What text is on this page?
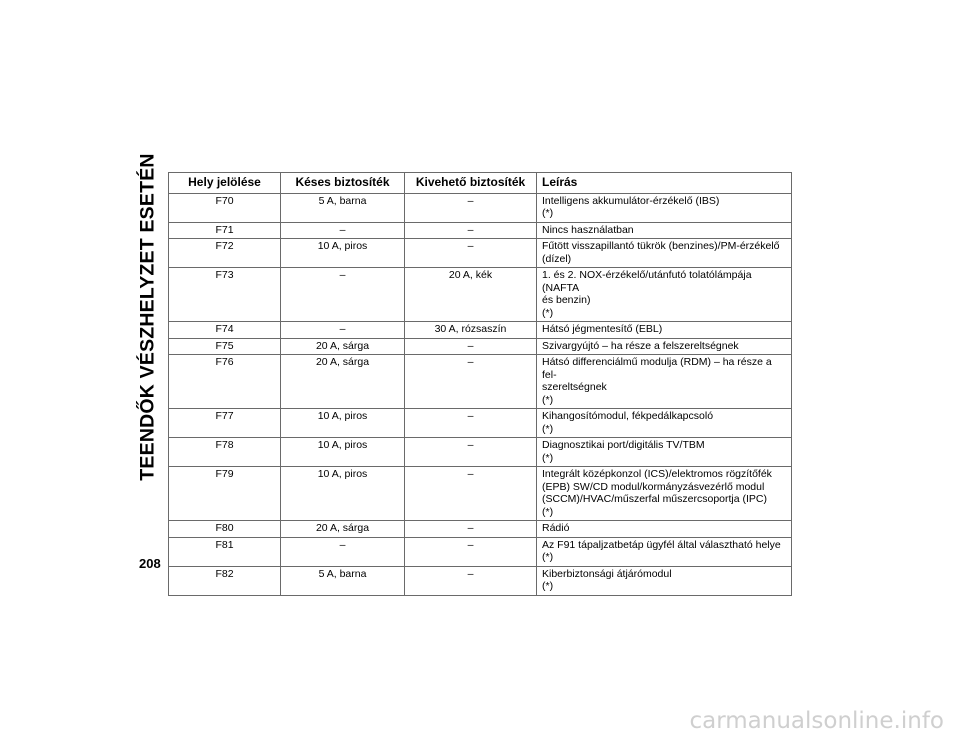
TEENDŐK VÉSZHELYZET ESETÉN Hely jelölése	Késes biztosíték	Kivehető biztosíték	Leírás
F70	5 A, barna	–	Intelligens akkumulátor-érzékelő (IBS)
(*)
F71	–	–	Nincs használatban
F72	10 A, piros	–	Fűtött visszapillantó tükrök (benzines)/PM-érzékelő
(dízel)
F73	–	20 A, kék	1. és 2. NOX-érzékelő/utánfutó tolatólámpája (NAFTA
és benzin)
(*)
F74	–	30 A, rózsaszín	Hátsó jégmentesítő (EBL)
F75	20 A, sárga	–	Szivargyújtó – ha része a felszereltségnek
F76	20 A, sárga	–	Hátsó differenciálmű modulja (RDM) – ha része a fel-
szereltségnek
(*)
F77	10 A, piros	–	Kihangosítómodul, fékpedálkapcsoló
(*)
F78	10 A, piros	–	Diagnosztikai port/digitális TV/TBM
(*)
F79	10 A, piros	–	Integrált középkonzol (ICS)/elektromos rögzítőfék
(EPB) SW/CD modul/kormányzásvezérlő modul
(SCCM)/HVAC/műszerfal műszercsoportja (IPC)
(*)
F80	20 A, sárga	–	Rádió
F81	–	–	Az F91 tápaljzatbetáp ügyfél által választható helye
(*)
F82	5 A, barna	–	Kiberbiztonsági átjárómodul
(*)
208
carmanualsonline.info
